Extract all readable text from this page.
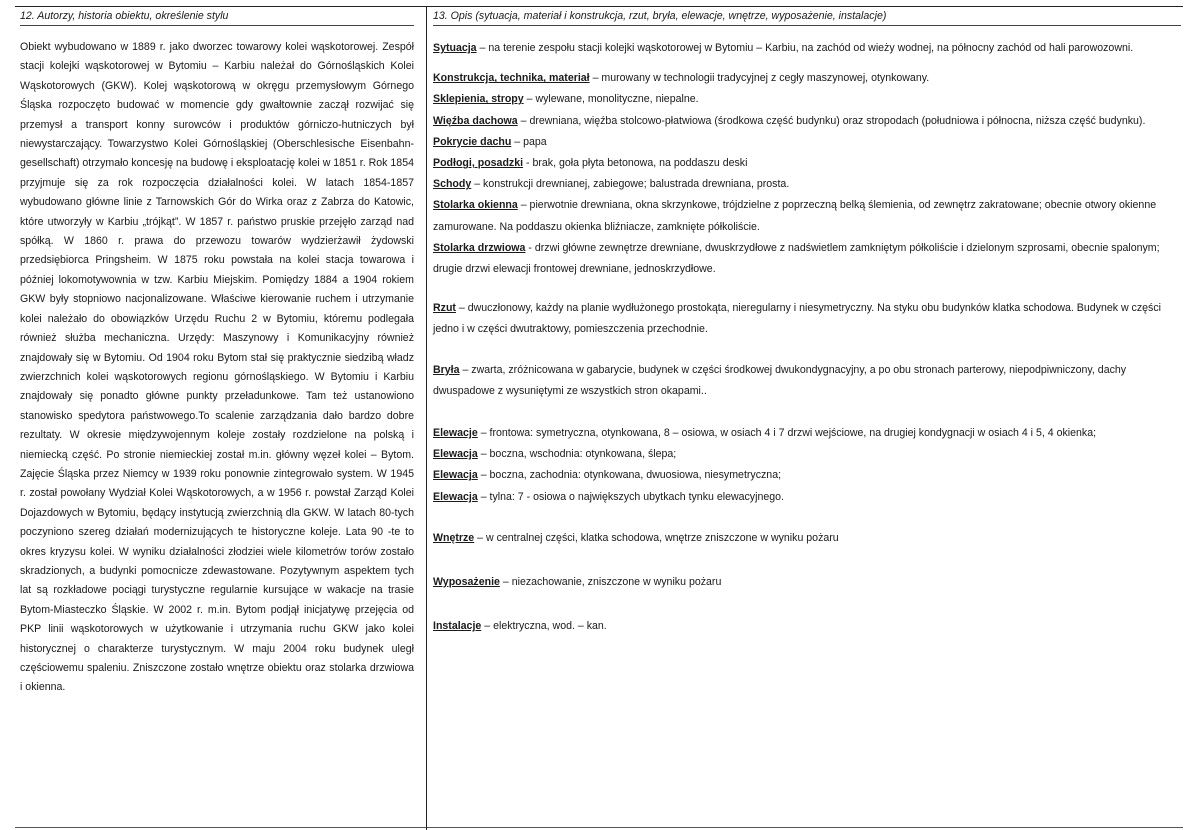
12. Autorzy, historia obiektu, określenie stylu

Obiekt wybudowano w 1889 r. jako dworzec towarowy kolei wąskotorowej. Zespół stacji kolejki wąskotorowej w Bytomiu – Karbiu należał do Górnośląskich Kolei Wąskotorowych (GKW). Kolej wąskotorową w okręgu przemysłowym Górnego Śląska rozpoczęto budować w momencie gdy gwałtownie zaczął rozwijać się przemysł a transport konny surowców i produktów górniczo-hutniczych był niewystarczający. Towarzystwo Kolei Górnośląskiej (Oberschlesische Eisenbahn-gesellschaft) otrzymało koncesję na budowę i eksploatację kolei w 1851 r. Rok 1854 przyjmuje się za rok rozpoczęcia działalności kolei. W latach 1854-1857 wybudowano główne linie z Tarnowskich Gór do Wirka oraz z Zabrza do Katowic, które utworzyły w Karbiu „trójkąt”. W 1857 r. państwo pruskie przejęło zarząd nad spółką. W 1860 r. prawa do przewozu towarów wydzierżawił żydowski przedsiębiorca Pringsheim. W 1875 roku powstała na kolei stacja towarowa i później lokomotywownia w tzw. Karbiu Miejskim. Pomiędzy 1884 a 1904 rokiem GKW były stopniowo nacjonalizowane. Właściwe kierowanie ruchem i utrzymanie kolei należało do obowiązków Urzędu Ruchu 2 w Bytomiu, któremu podlegała również służba mechaniczna. Urzędy: Maszynowy i Komunikacyjny również znajdowały się w Bytomiu. Od 1904 roku Bytom stał się praktycznie siedzibą władz zwierzchnich kolei wąskotorowych regionu górnośląskiego. W Bytomiu i Karbiu znajdowały się ponadto główne punkty przeładunkowe. Tam też ustanowiono stanowisko spedytora państwowego.To scalenie zarządzania dało bardzo dobre rezultaty. W okresie międzywojennym koleje zostały rozdzielone na polską i niemiecką część. Po stronie niemieckiej został m.in. główny węzeł kolei – Bytom. Zajęcie Śląska przez Niemcy w 1939 roku ponownie zintegrowało system. W 1945 r. został powołany Wydział Kolei Wąskotorowych, a w 1956 r. powstał Zarząd Kolei Dojazdowych w Bytomiu, będący instytucją zwierzchnią dla GKW. W latach 80-tych poczyniono szereg działań modernizujących te historyczne koleje. Lata 90 -te to okres kryzysu kolei. W wyniku działalności złodziei wiele kilometrów torów zostało skradzionych, a budynki pomocnicze zdewastowane. Pozytywnym aspektem tych lat są rozkładowe pociągi turystyczne regularnie kursujące w wakacje na trasie Bytom-Miasteczko Śląskie. W 2002 r. m.in. Bytom podjął inicjatywę przejęcia od PKP linii wąskotorowych w użytkowanie i utrzymania ruchu GKW jako kolei historycznej o charakterze turystycznym. W maju 2004 roku budynek uległ częściowemu spaleniu. Zniszczone zostało wnętrze obiektu oraz stolarka drzwiowa i okienna.

13. Opis (sytuacja, materiał i konstrukcja, rzut, bryła, elewacje, wnętrze, wyposażenie, instalacje)

Sytuacja – na terenie zespołu stacji kolejki wąskotorowej w Bytomiu – Karbiu, na zachód od wieży wodnej, na północny zachód od hali parowozowni.

Konstrukcja, technika, materiał – murowany w technologii tradycyjnej z cegły maszynowej, otynkowany.

Sklepienia, stropy – wylewane, monolityczne, niepalne.

Więźba dachowa – drewniana, więźba stolcowo-płatwiowa (środkowa część budynku) oraz stropodach (południowa i północna, niższa część budynku).

Pokrycie dachu – papa

Podłogi, posadzki - brak, goła płyta betonowa, na poddaszu deski

Schody – konstrukcji drewnianej, zabiegowe; balustrada drewniana, prosta.

Stolarka okienna – pierwotnie drewniana, okna skrzynkowe, trójdzielne z poprzeczną belką ślemienia, od zewnętrz zakratowane; obecnie otwory okienne zamurowane. Na poddaszu okienka bliźniacze, zamknięte półkoliście.

Stolarka drzwiowa - drzwi główne zewnętrze drewniane, dwuskrzydłowe z nadświetlem zamkniętym półkoliście i dzielonym szprosami, obecnie spalonym; drugie drzwi elewacji frontowej drewniane, jednoskrzydłowe.

Rzut – dwuczłonowy, każdy na planie wydłużonego prostokąta, nieregularny i niesymetryczny. Na styku obu budynków klatka schodowa. Budynek w części jedno i w części dwutraktowy, pomieszczenia przechodnie.

Bryła – zwarta, zróżnicowana w gabarycie, budynek w części środkowej dwukondygnacyjny, a po obu stronach parterowy, niepodpiwniczony, dachy dwuspadowe z wysuniętymi ze wszystkich stron okapami..

Elewacje – frontowa: symetryczna, otynkowana, 8 – osiowa, w osiach 4 i 7 drzwi wejściowe, na drugiej kondygnacji w osiach 4 i 5, 4 okienka;

Elewacja – boczna, wschodnia: otynkowana, ślepa;

Elewacja – boczna, zachodnia: otynkowana, dwuosiowa, niesymetryczna;

Elewacja – tylna: 7 - osiowa o największych ubytkach tynku elewacyjnego.

Wnętrze – w centralnej części, klatka schodowa, wnętrze zniszczone w wyniku pożaru

Wyposażenie – niezachowanie, zniszczone w wyniku pożaru

Instalacje – elektryczna, wod. – kan.
